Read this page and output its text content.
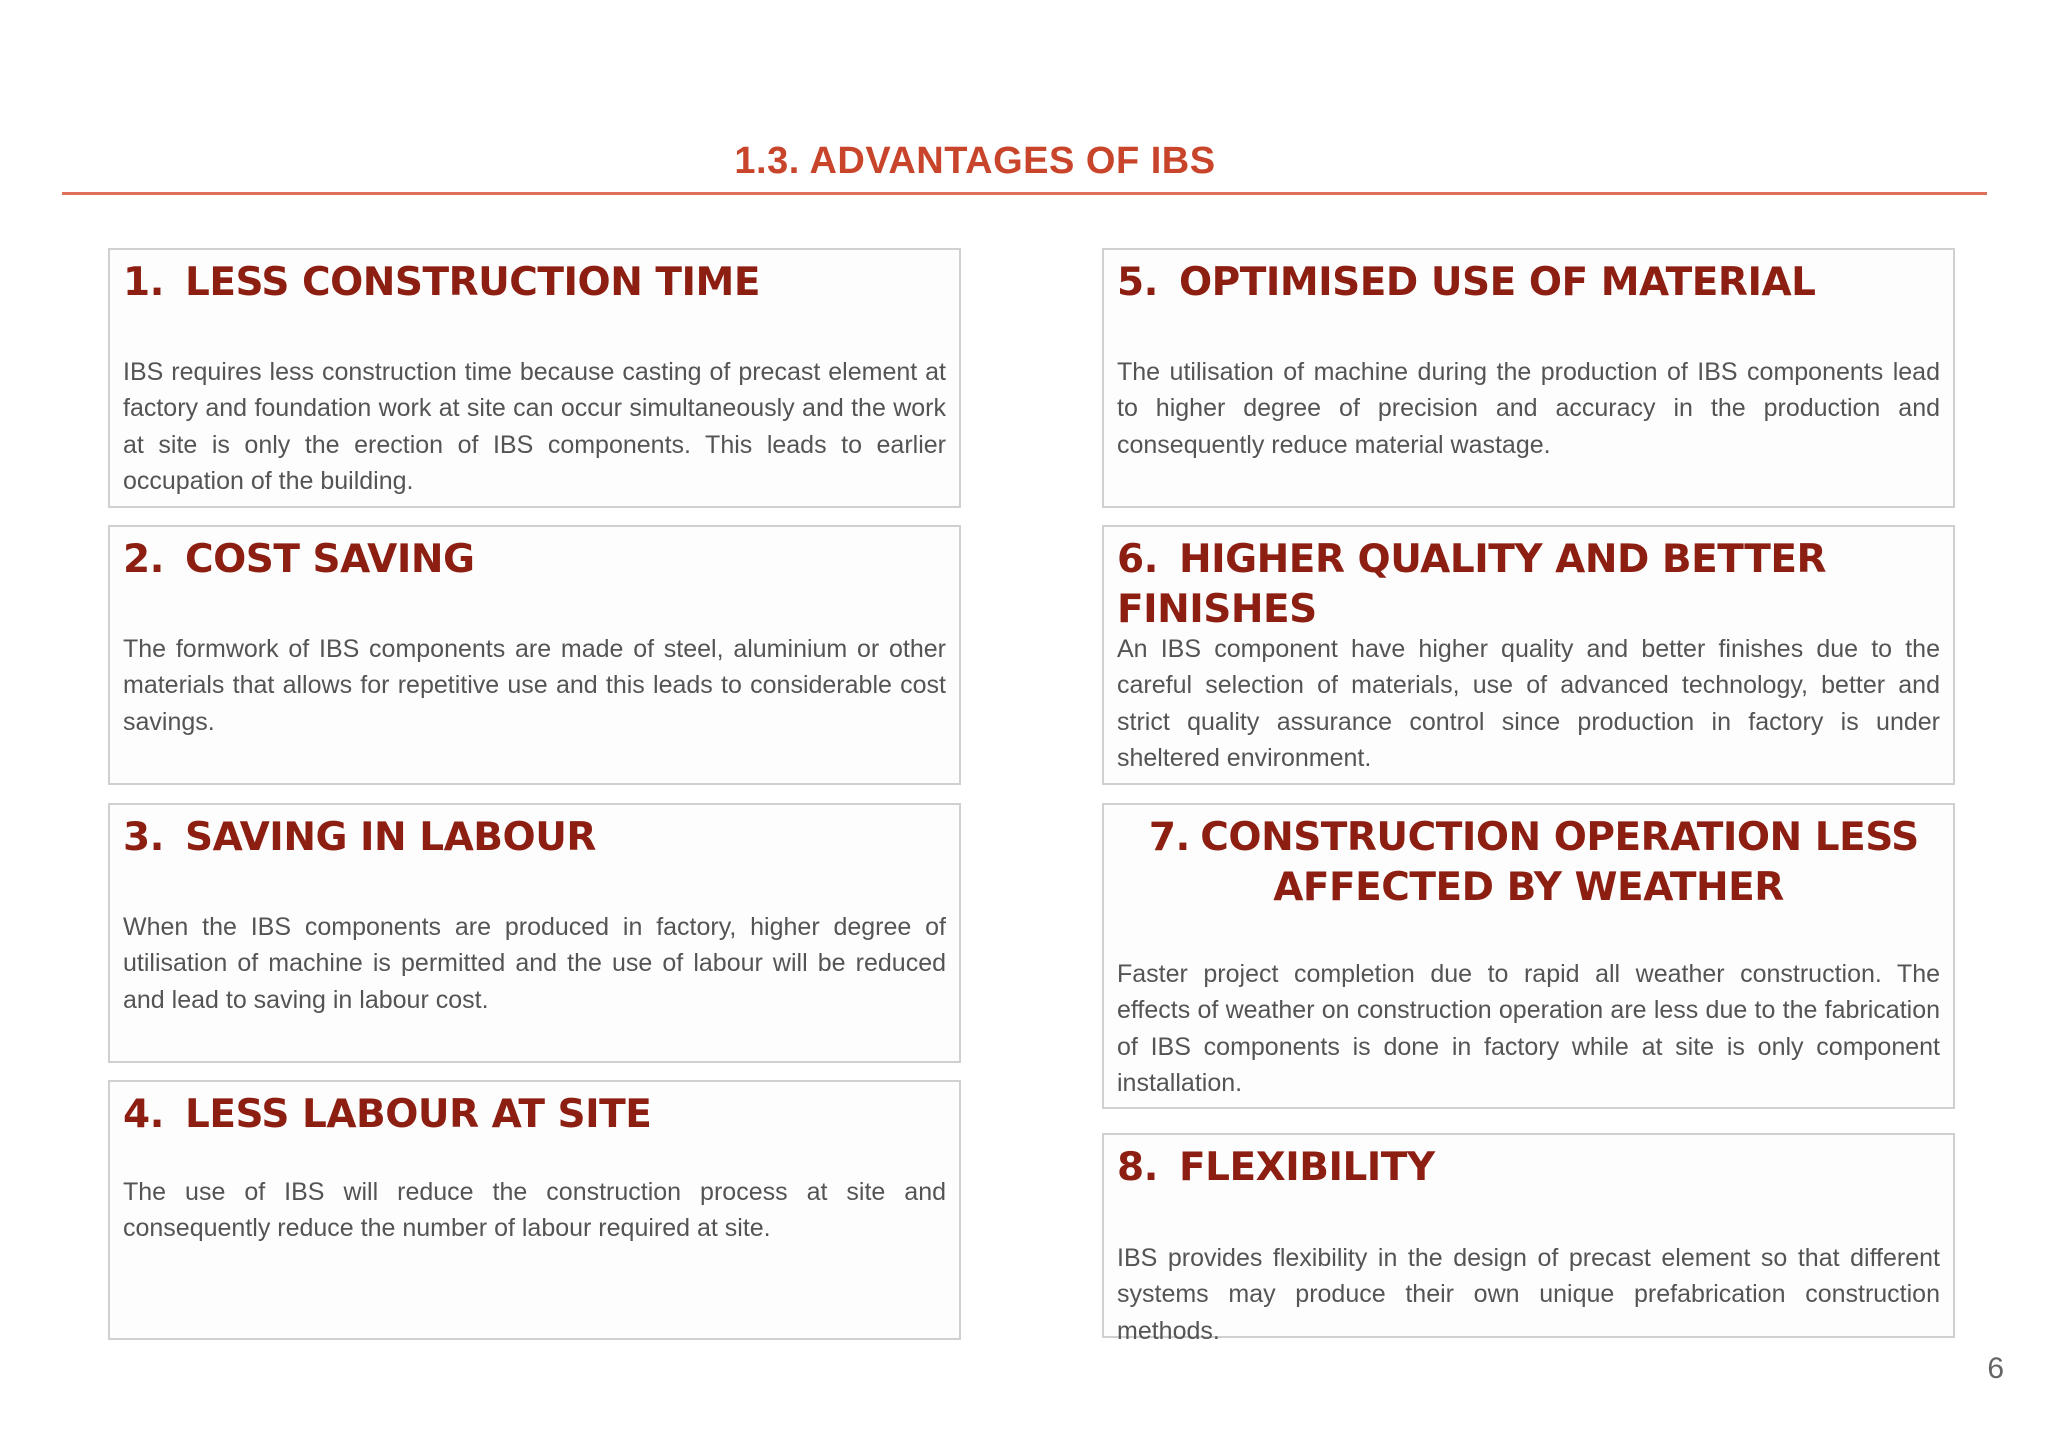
1.3. ADVANTAGES OF IBS
1. LESS CONSTRUCTION TIME

IBS requires less construction time because casting of precast element at factory and foundation work at site can occur simultaneously and the work at site is only the erection of IBS components. This leads to earlier occupation of the building.

2. COST SAVING

The formwork of IBS components are made of steel, aluminium or other materials that allows for repetitive use and this leads to considerable cost savings.

3. SAVING IN LABOUR

When the IBS components are produced in factory, higher degree of utilisation of machine is permitted and the use of labour will be reduced and lead to saving in labour cost.

4. LESS LABOUR AT SITE

The use of IBS will reduce the construction process at site and consequently reduce the number of labour required at site.

5. OPTIMISED USE OF MATERIAL

The utilisation of machine during the production of IBS components lead to higher degree of precision and accuracy in the production and consequently reduce material wastage.

6. HIGHER QUALITY AND BETTER FINISHES

An IBS component have higher quality and better finishes due to the careful selection of materials, use of advanced technology, better and strict quality assurance control since production in factory is under sheltered environment.

7. CONSTRUCTION OPERATION LESS AFFECTED BY WEATHER

Faster project completion due to rapid all weather construction. The effects of weather on construction operation are less due to the fabrication of IBS components is done in factory while at site is only component installation.

8. FLEXIBILITY

IBS provides flexibility in the design of precast element so that different systems may produce their own unique prefabrication construction methods.

6
